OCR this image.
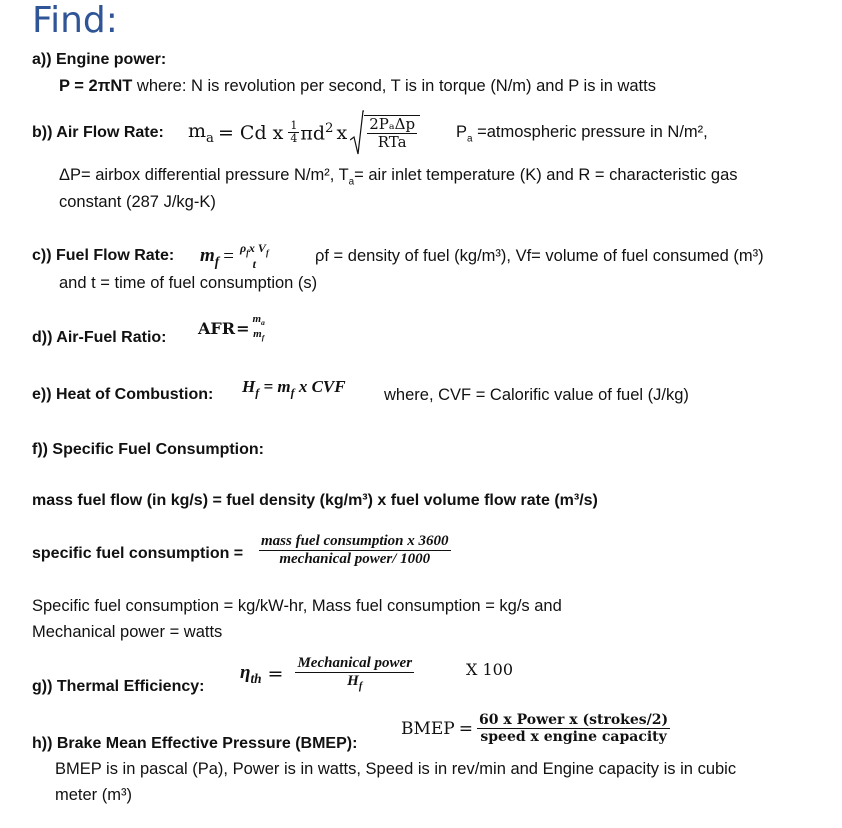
Find:
a)) Engine power:
P = 2πNT where: N is revolution per second, T is in torque (N/m) and P is in watts
b)) Air Flow Rate: $m_a = Cd$ x $\frac{1}{4} \pi d^2$ x $\frac{\text{2PₐΔp}}{\text{RTa}} P_a$ =atmospheric pressure in N/m²,
ΔP= airbox differential pressure N/m², $T_a=$ air inlet temperature (K) and R = characteristic gas
constant (287 J/kg-K)
c)) Fuel Flow Rate: $m_f = \rho_fx$ $V_f$
t	ρf = density of fuel (kg/m³), Vf= volume of fuel consumed (m³)
and t = time of fuel consumption (s)
d)) Air-Fuel Ratio: AFR = $m_a$
$m_f$
e)) Heat of Combustion: $H_f = m_f$ x CVF where, CVF = Calorific value of fuel (J/kg)
f)) Specific Fuel Consumption:
mass fuel flow (in kg/s) = fuel density (kg/m³) x fuel volume flow rate (m³/s)
specific fuel consumption = $\frac{\text{mass fuel consumption x 3600}}{\text{mechanical power/ 1000}}$
Specific fuel consumption = kg/kW-hr, Mass fuel consumption = kg/s and
Mechanical power = watts
g)) Thermal Efficiency:
$\eta_{th} = \frac{\text{Mechanical power}}{H_f}$	X 100
h)) Brake Mean Effective Pressure (BMEP):
BMEP = $\frac{\text{60 x Power x (strokes/2)}}{\text{speed x engine capacity}}$
BMEP is in pascal (Pa), Power is in watts, Speed is in rev/min and Engine capacity is in cubic
meter (m³)
